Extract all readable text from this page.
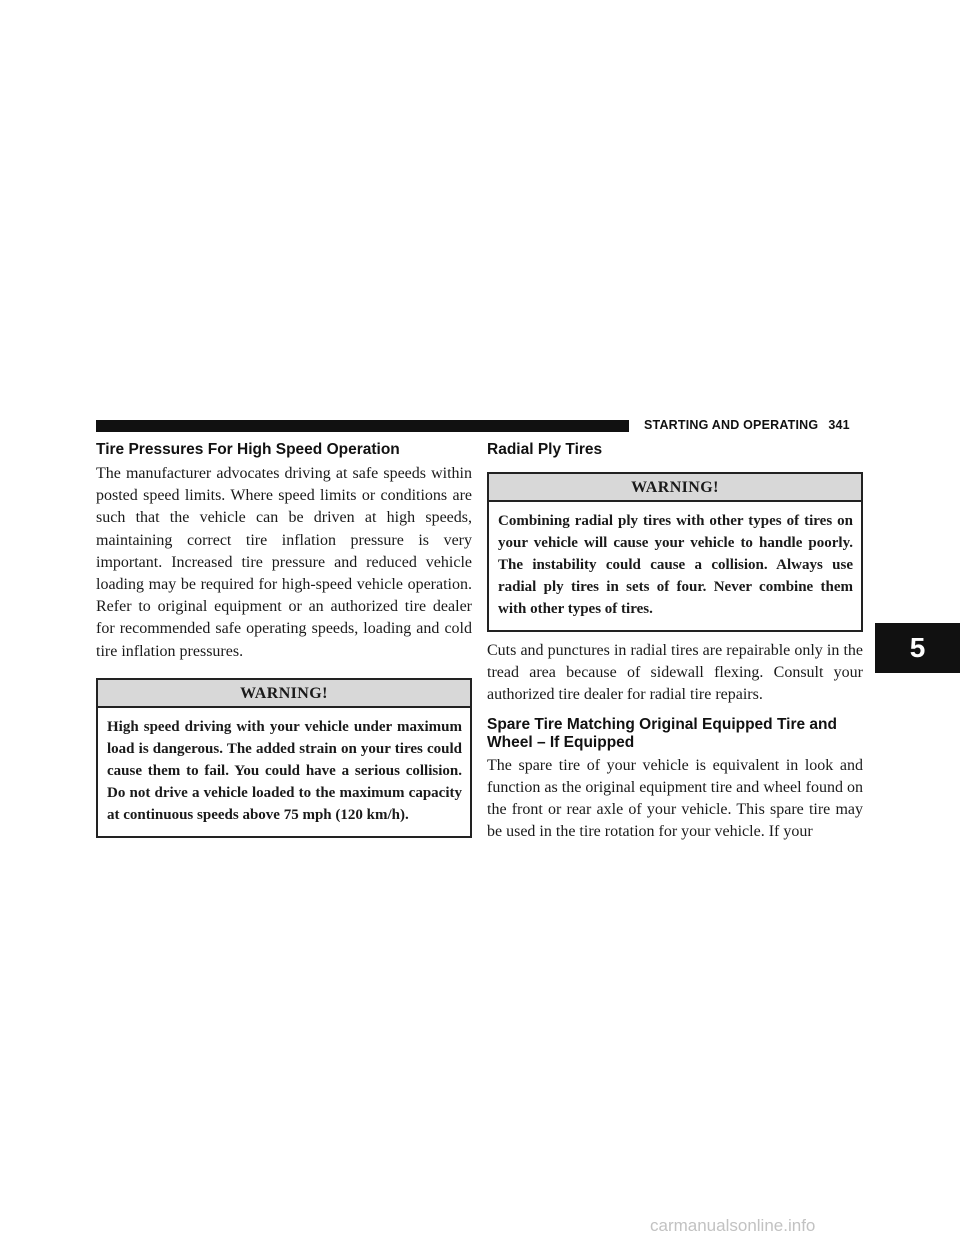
STARTING AND OPERATING 341
Tire Pressures For High Speed Operation

The manufacturer advocates driving at safe speeds within posted speed limits. Where speed limits or conditions are such that the vehicle can be driven at high speeds, maintaining correct tire inflation pressure is very important. Increased tire pressure and reduced vehicle loading may be required for high-speed vehicle operation. Refer to original equipment or an authorized tire dealer for recommended safe operating speeds, loading and cold tire inflation pressures.

WARNING!
High speed driving with your vehicle under maximum load is dangerous. The added strain on your tires could cause them to fail. You could have a serious collision. Do not drive a vehicle loaded to the maximum capacity at continuous speeds above 75 mph (120 km/h).
Radial Ply Tires
WARNING!
Combining radial ply tires with other types of tires on your vehicle will cause your vehicle to handle poorly. The instability could cause a collision. Always use radial ply tires in sets of four. Never combine them with other types of tires.

Cuts and punctures in radial tires are repairable only in the tread area because of sidewall flexing. Consult your authorized tire dealer for radial tire repairs.

Spare Tire Matching Original Equipped Tire and Wheel – If Equipped

The spare tire of your vehicle is equivalent in look and function as the original equipment tire and wheel found on the front or rear axle of your vehicle. This spare tire may be used in the tire rotation for your vehicle. If your

5
carmanualsonline.info
